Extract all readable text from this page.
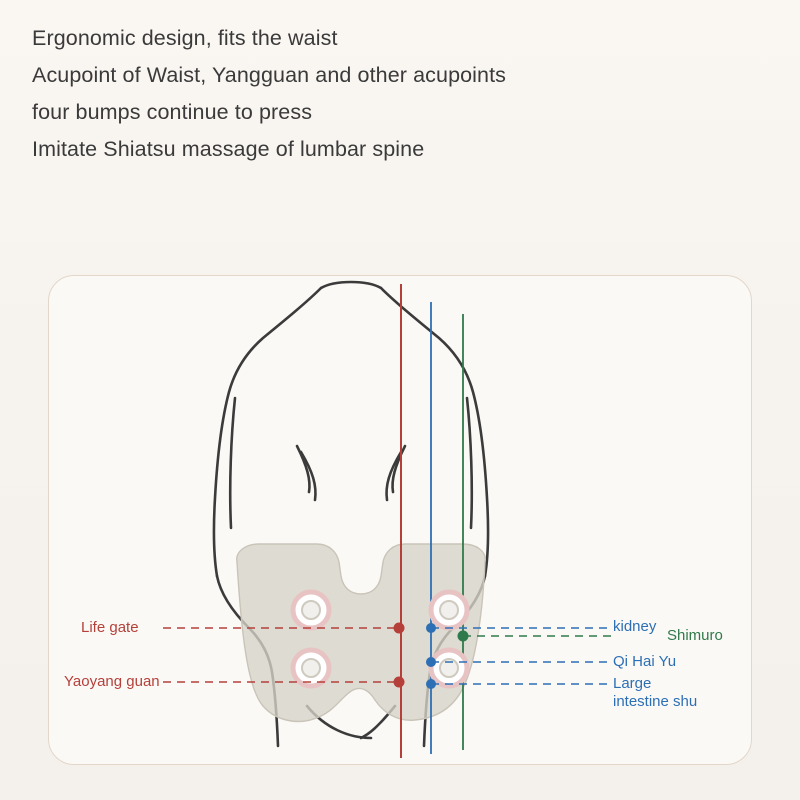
Ergonomic design, fits the waist
Acupoint of Waist, Yangguan and other acupoints
four bumps continue to press
Imitate Shiatsu massage of lumbar spine
Life gate
Yaoyang guan
kidney
Shimuro
Qi Hai Yu
Large
intestine shu
